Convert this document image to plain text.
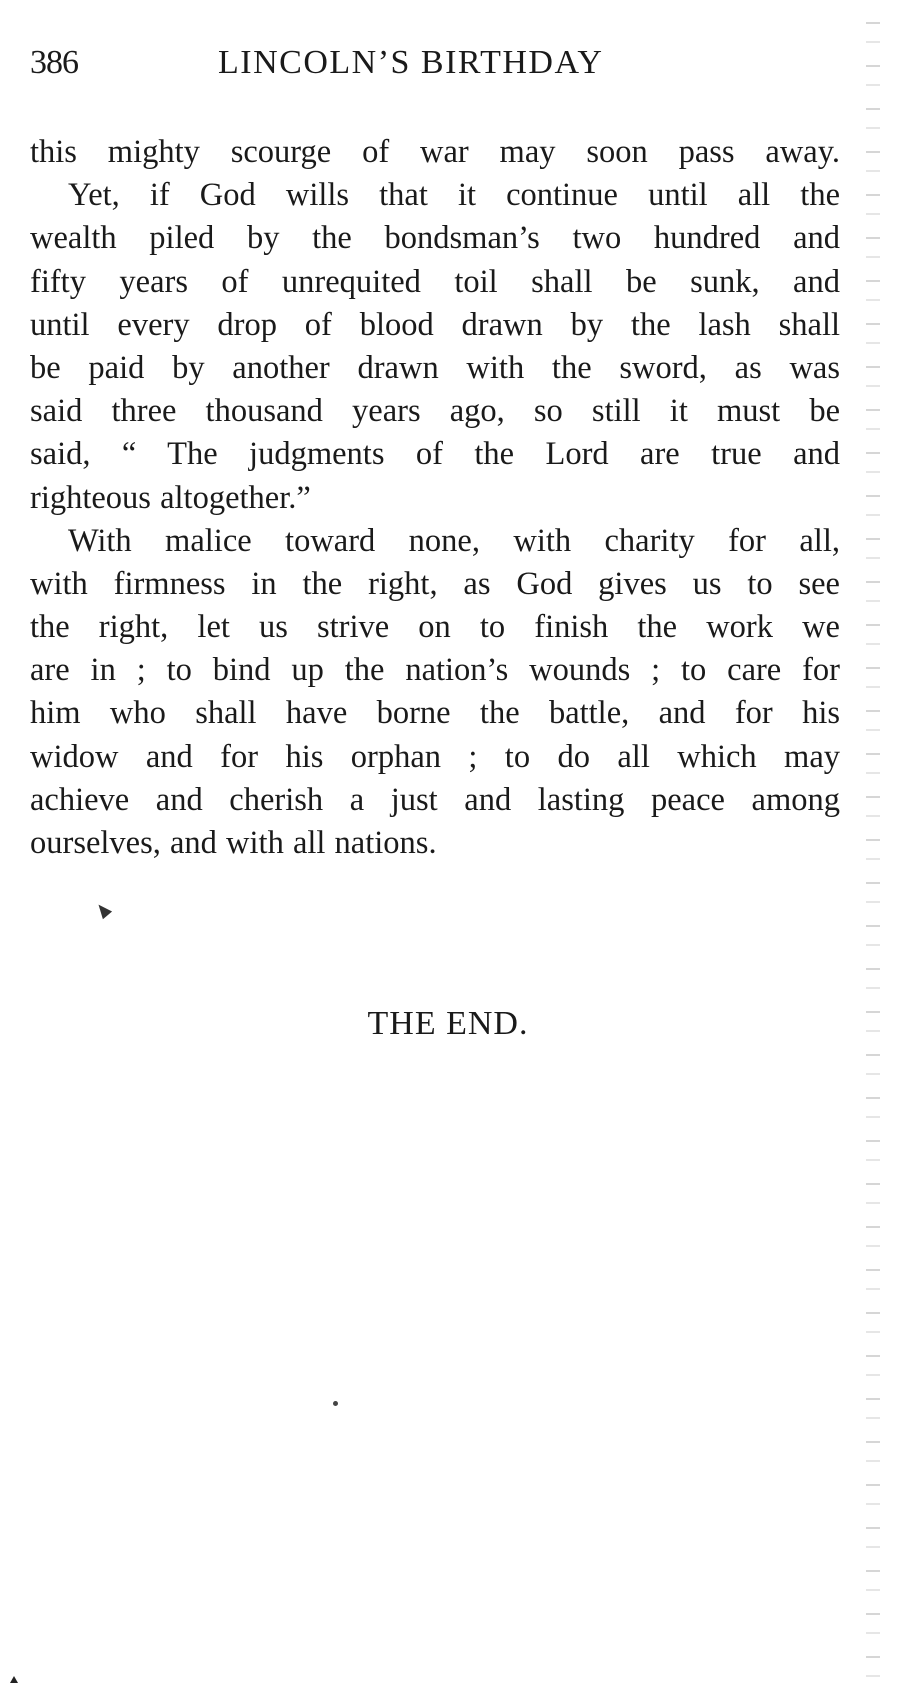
386	LINCOLN’S BIRTHDAY
this mighty scourge of war may soon pass away.
Yet, if God wills that it continue until all the
wealth piled by the bondsman’s two hundred and
fifty years of unrequited toil shall be sunk, and
until every drop of blood drawn by the lash shall
be paid by another drawn with the sword, as was
said three thousand years ago, so still it must be
said, “ The judgments of the Lord are true and
righteous altogether.”
With malice toward none, with charity for all,
with firmness in the right, as God gives us to see
the right, let us strive on to finish the work we
are in ; to bind up the nation’s wounds ; to care for
him who shall have borne the battle, and for his
widow and for his orphan ; to do all which may
achieve and cherish a just and lasting peace among
ourselves, and with all nations.
THE END.
